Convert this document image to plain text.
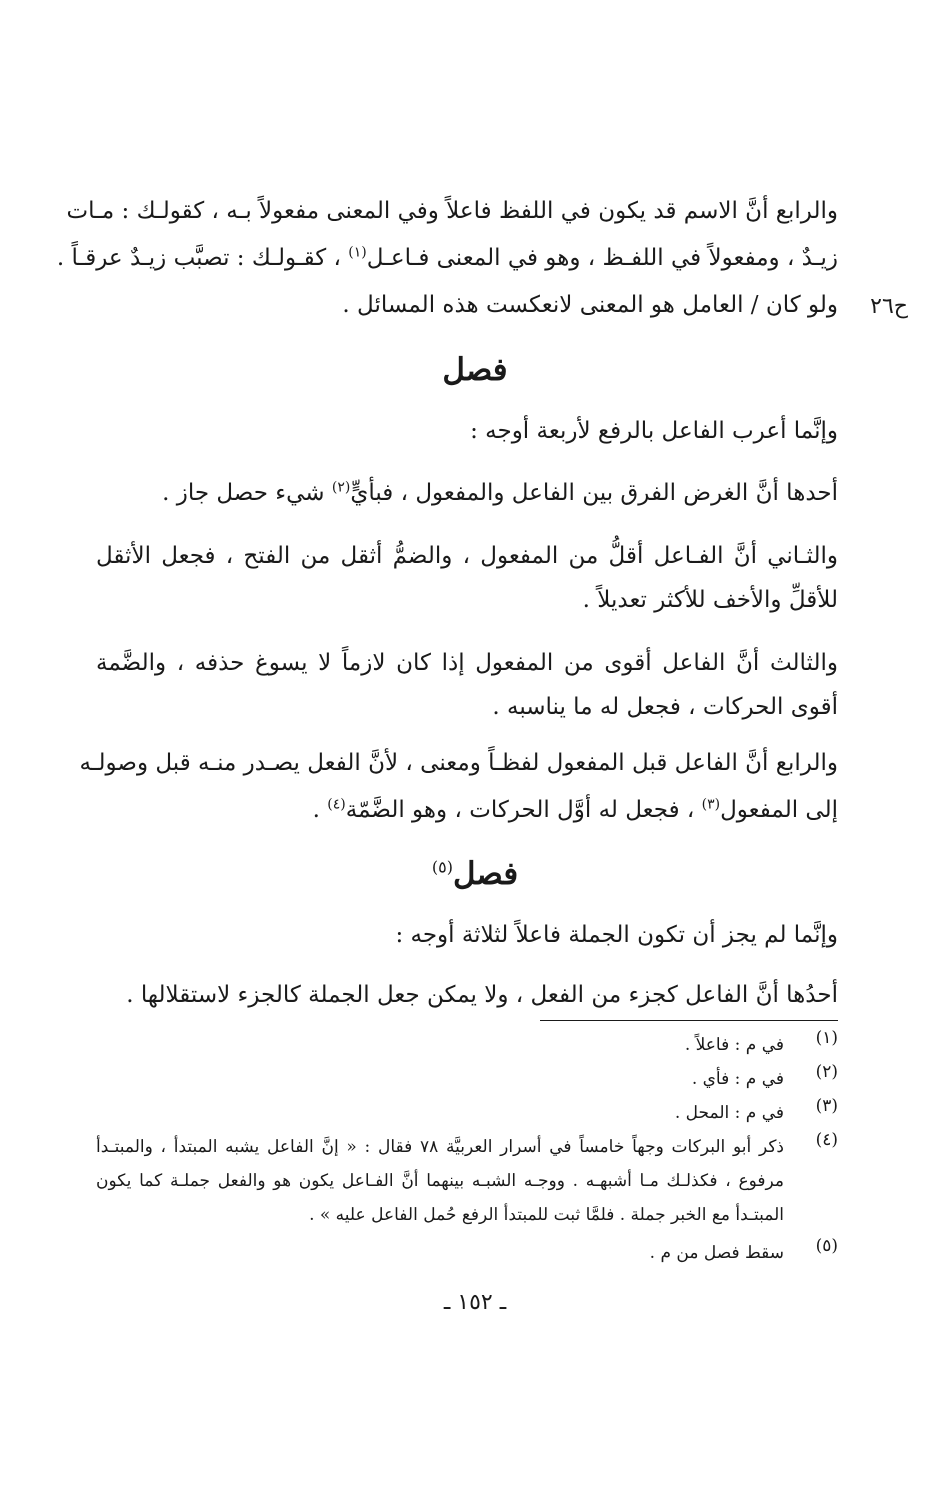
والرابع أنَّ الاسم قد يكون في اللفظ فاعلاً وفي المعنى مفعولاً بـه ، كقولـك : مـات
زيـدٌ ، ومفعولاً في اللفـظ ، وهو في المعنى فـاعـل$^{(١)}$ ، كقـولـك : تصبَّب زيـدٌ عرقـاً .
ولو كان / العامل هو المعنى لانعكست هذه المسائل . ح٢٦
فصل
وإنَّما أعرب الفاعل بالرفع لأربعة أوجه :
أحدها أنَّ الغرض الفرق بين الفاعل والمفعول ، فبأيٍّ$^{(٢)}$ شيء حصل جاز .
والثـاني أنَّ الفـاعل أقلُّ من المفعول ، والضمُّ أثقل من الفتح ، فجعل الأثقل للأقلِّ والأخف للأكثر تعديلاً .
والثالث أنَّ الفاعل أقوى من المفعول إذا كان لازماً لا يسوغ حذفه ، والضَّمة أقوى الحركات ، فجعل له ما يناسبه .
والرابع أنَّ الفاعل قبل المفعول لفظـاً ومعنى ، لأنَّ الفعل يصـدر منـه قبل وصولـه
إلى المفعول$^{(٣)}$ ، فجعل له أوَّل الحركات ، وهو الضَّمّة$^{(٤)}$ .
فصل$^{(٥)}$
وإنَّما لم يجز أن تكون الجملة فاعلاً لثلاثة أوجه :
أحدُها أنَّ الفاعل كجزء من الفعل ، ولا يمكن جعل الجملة كالجزء لاستقلالها .
(١)
في م : فاعلاً .
(٢)
في م : فأي .
(٣)
في م : المحل .
(٤)
ذكر أبو البركات وجهاً خامساً في أسرار العربيَّة ٧٨ فقال : « إنَّ الفاعل يشبه المبتدأ ، والمبتـدأ مرفوع ، فكذلـك مـا أشبهـه . ووجـه الشبـه بينهما أنَّ الفـاعل يكون هو والفعل جملـة كما يكون المبتـدأ مع الخبر جملة . فلمَّا ثبت للمبتدأ الرفع حُمل الفاعل عليه » .
(٥)
سقط فصل من م .
ـ ١٥٢ ـ
